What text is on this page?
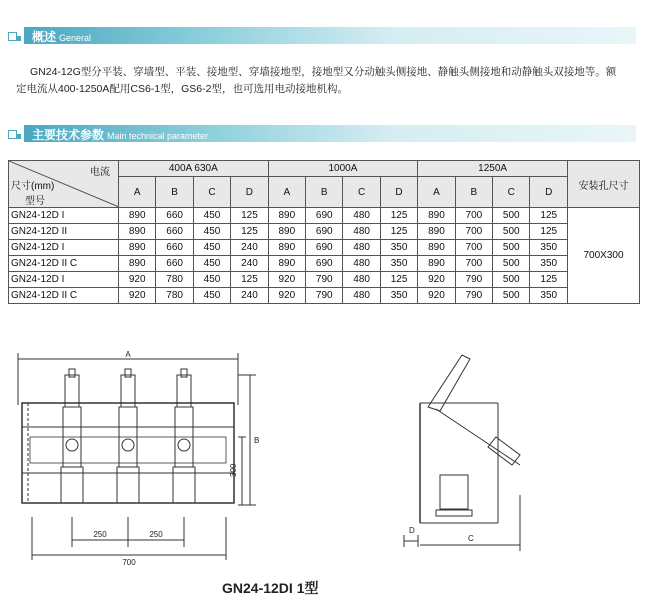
概述 General

GN24-12G型分平装、穿墙型、平装、接地型、穿墙接地型，接地型又分动触头侧接地、静触头侧接地和动静触头双接地等。额

定电流从400-1250A配用CS6-1型，GS6-2型，也可选用电动接地机构。
主要技术参数 Main technical parameter
电流
尺寸(mm)
型号	400A 630A				1000A				1250A				安装孔尺寸
	A	B	C	D	A	B	C	D	A	B	C	D	
GN24-12D I	890	660	450	125	890	690	480	125	890	700	500	125	700X300
GN24-12D II	890	660	450	125	890	690	480	125	890	700	500	125	
GN24-12D I	890	660	450	240	890	690	480	350	890	700	500	350	
GN24-12D II C	890	660	450	240	890	690	480	350	890	700	500	350	
GN24-12D I	920	780	450	125	920	790	480	125	920	790	500	125	
GN24-12D II C	920	780	450	240	920	790	480	350	920	790	500	350	
A
B
300
250	250
700
D
C
GN24-12DI 1型
